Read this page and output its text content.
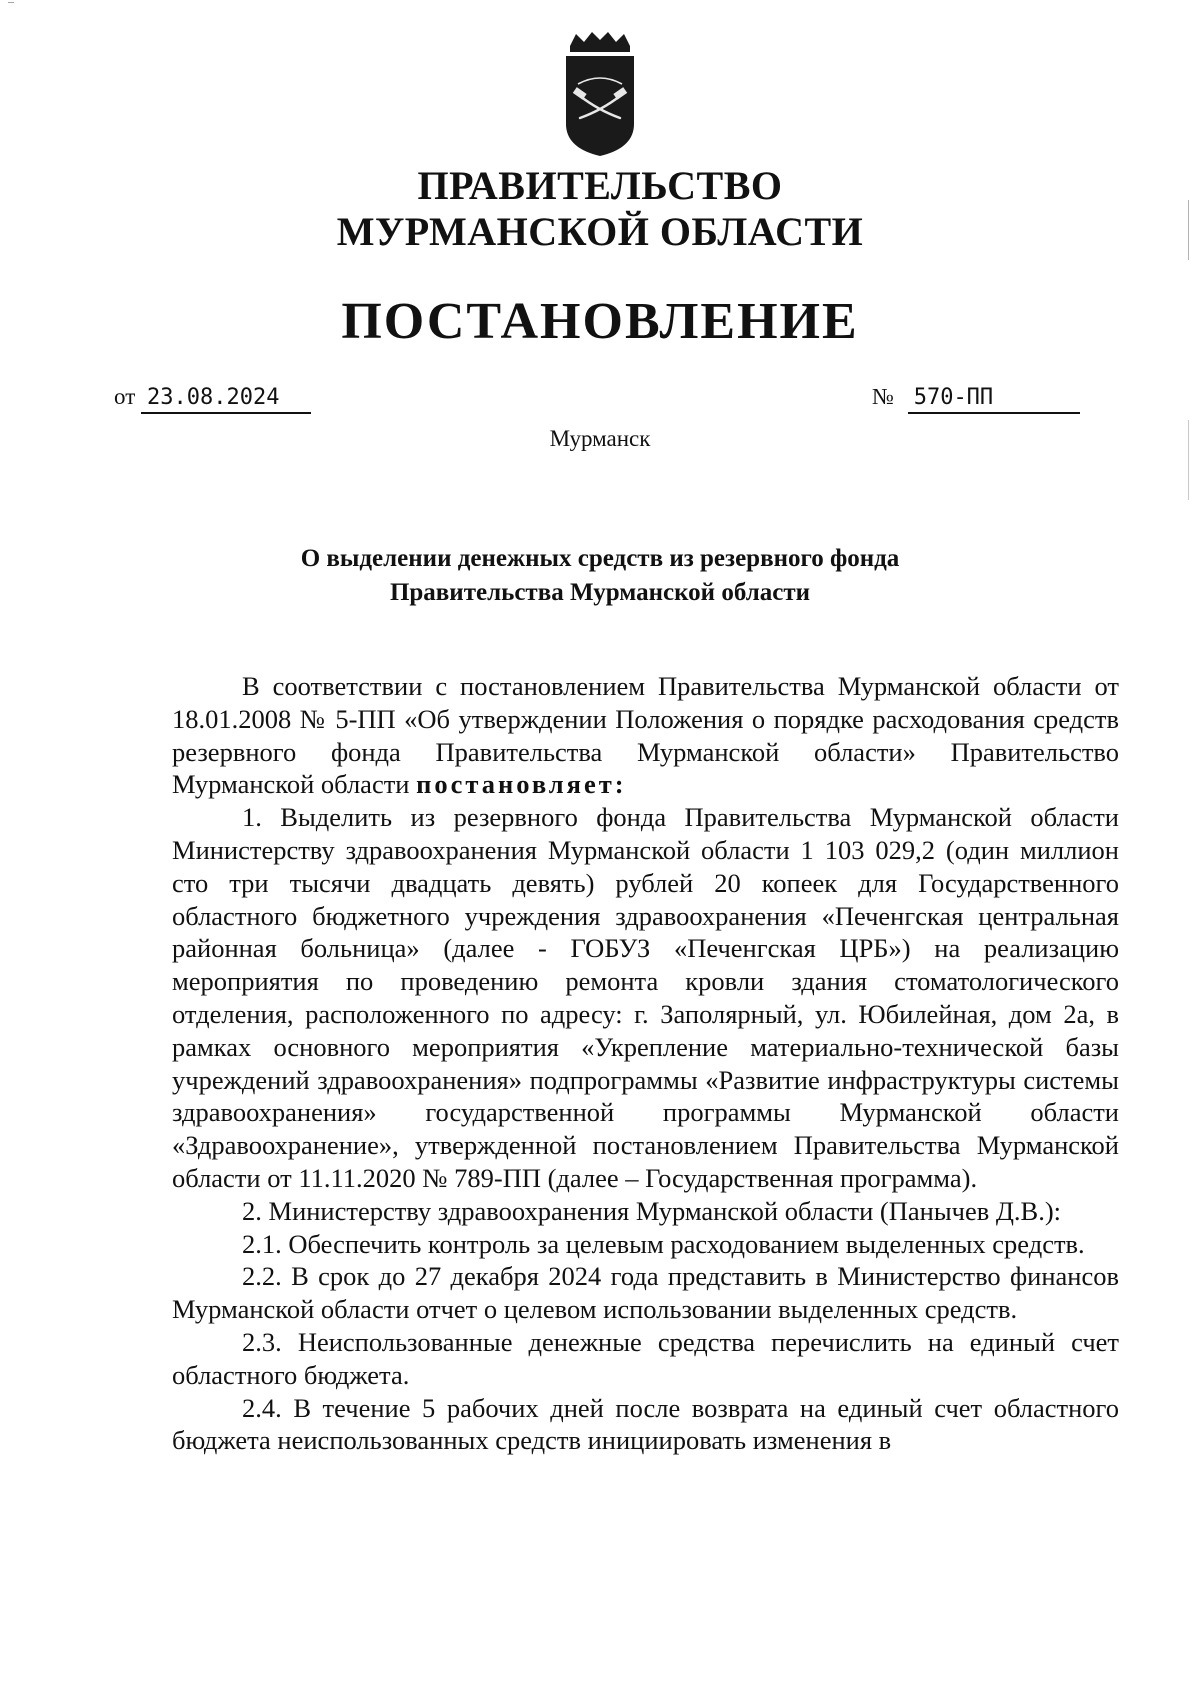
ПРАВИТЕЛЬСТВО
МУРМАНСКОЙ ОБЛАСТИ
ПОСТАНОВЛЕНИЕ
от 23.08.2024	№ 570-ПП
Мурманск
О выделении денежных средств из резервного фонда
Правительства Мурманской области

В соответствии с постановлением Правительства Мурманской области от 18.01.2008 № 5-ПП «Об утверждении Положения о порядке расходования средств резервного фонда Правительства Мурманской области» Правительство Мурманской области постановляет:

1. Выделить из резервного фонда Правительства Мурманской области Министерству здравоохранения Мурманской области 1 103 029,2 (один миллион сто три тысячи двадцать девять) рублей 20 копеек для Государственного областного бюджетного учреждения здравоохранения «Печенгская центральная районная больница» (далее - ГОБУЗ «Печенгская ЦРБ») на реализацию мероприятия по проведению ремонта кровли здания стоматологического отделения, расположенного по адресу: г. Заполярный, ул. Юбилейная, дом 2а, в рамках основного мероприятия «Укрепление материально-технической базы учреждений здравоохранения» подпрограммы «Развитие инфраструктуры системы здравоохранения» государственной программы Мурманской области «Здравоохранение», утвержденной постановлением Правительства Мурманской области от 11.11.2020 № 789-ПП (далее – Государственная программа).

2. Министерству здравоохранения Мурманской области (Панычев Д.В.):

2.1. Обеспечить контроль за целевым расходованием выделенных средств.

2.2. В срок до 27 декабря 2024 года представить в Министерство финансов Мурманской области отчет о целевом использовании выделенных средств.

2.3. Неиспользованные денежные средства перечислить на единый счет областного бюджета.

2.4. В течение 5 рабочих дней после возврата на единый счет областного бюджета неиспользованных средств инициировать изменения в
